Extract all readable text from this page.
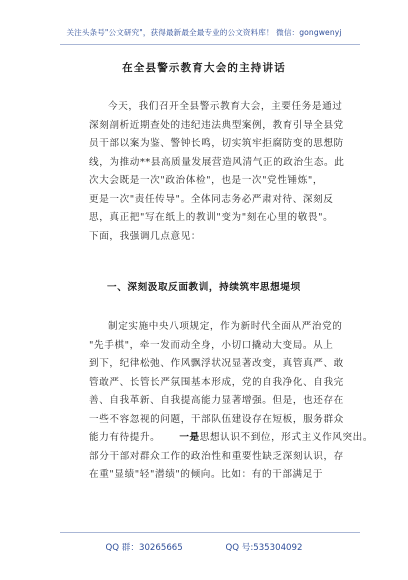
关注头条号"公文研究"，获得最新最全最专业的公文资料库！ 微信：gongwenyj
在全县警示教育大会的主持讲话
今天，我们召开全县警示教育大会，主要任务是通过
深刻剖析近期查处的违纪违法典型案例，教育引导全县党
员干部以案为鉴、警钟长鸣，切实筑牢拒腐防变的思想防
线，为推动**县高质量发展营造风清气正的政治生态。此
次大会既是一次"政治体检"，也是一次"党性锤炼"，
更是一次"责任传导"。全体同志务必严肃对待、深刻反
思，真正把"写在纸上的教训"变为"刻在心里的敬畏"。
下面，我强调几点意见：
一、深刻汲取反面教训，持续筑牢思想堤坝
制定实施中央八项规定，作为新时代全面从严治党的
"先手棋"，牵一发而动全身，小切口撬动大变局。从上
到下，纪律松弛、作风飘浮状况显著改变，真管真严、敢
管敢严、长管长严氛围基本形成，党的自我净化、自我完
善、自我革新、自我提高能力显著增强。但是，也还存在
一些不容忽视的问题，干部队伍建设存在短板，服务群众
能力有待提升。 一是思想认识不到位，形式主义作风突出。
部分干部对群众工作的政治性和重要性缺乏深刻认识，存
在重"显绩"轻"潜绩"的倾向。比如：有的干部满足于
QQ 群：30265665	QQ 号:535304092
